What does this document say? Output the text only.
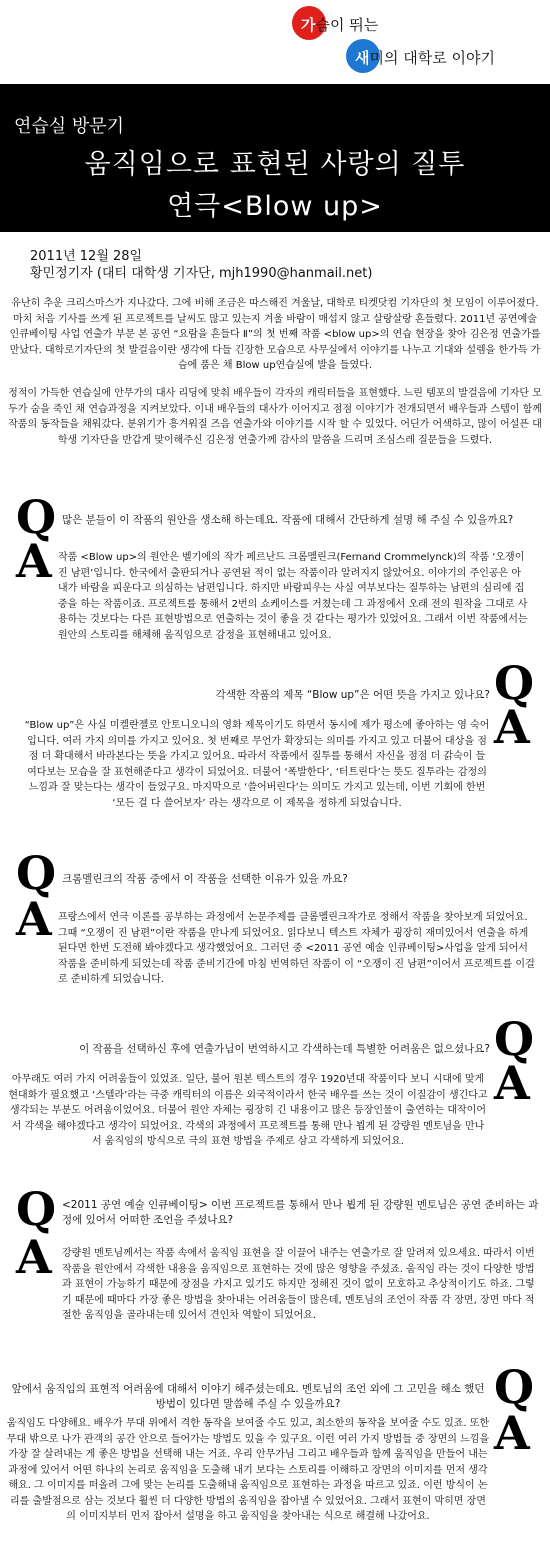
가슴이 뛰는
새미의 대학로 이야기
연습실 방문기
움직임으로 표현된 사랑의 질투
연극<Blow up>
2011년 12월 28일
황민정기자 (대티 대학생 기자단, mjh1990@hanmail.net)
유난히 추운 크리스마스가 지나갔다. 그에 비해 조금은 따스해진 겨울날, 대학로 티켓닷컴 기자단의 첫 모임이 이루어졌다. 마치 처음 기사를 쓰게 된 프로젝트를 날씨도 많고 있는지 겨울 바람이 매섭지 않고 살랑살랑 흔들렸다. 2011년 공연예술 인큐베이팅 사업 연출가 부문 본 공연 “요람을 흔들다 Ⅱ”의 첫 번째 작품 <blow up>의 연습 현장을 찾아 김은정 연출가를 만났다. 대학로기자단의 첫 발걸음이란 생각에 다들 긴장한 모습으로 사무실에서 이야기를 나누고 기대와 설렘을 한가득 가슴에 품은 채 Blow up연습실에 발을 들였다.
정적이 가득한 연습실에 안무가의 대사 리딩에 맞춰 배우들이 각자의 캐릭터들을 표현했다. 느린 템포의 발걸음에 기자단 모두가 숨을 죽인 채 연습과정을 지켜보았다. 이내 배우들의 대사가 이어지고 점점 이야기가 전개되면서 배우들과 스텝이 함께 작품의 동작들을 채워갔다. 분위기가 흥겨워질 즈음 연출가와 이야기를 시작 할 수 있었다. 어딘가 어색하고, 많이 어설픈 대학생 기자단을 반갑게 맞이해주신 김은정 연출가께 감사의 말씀을 드리며 조심스레 질문들을 드렸다.
Q 많은 분들이 이 작품의 원안을 생소해 하는데요. 작품에 대해서 간단하게 설명 해 주실 수 있을까요?
A 작품 <Blow up>의 원안은 벨기에의 작가 페르난드 크롬멜린크(Fernand Crommelynck)의 작품 ‘오쟁이 진 남편’입니다. 한국에서 출판되거나 공연된 적이 없는 작품이라 알려지지 않았어요. 이야기의 주인공은 아내가 바람을 피운다고 의심하는 남편입니다. 하지만 바람피우는 사실 여부보다는 질투하는 남편의 심리에 집중을 하는 작품이죠. 프로젝트를 통해서 2번의 쇼케이스를 거쳤는데 그 과정에서 오래 전의 원작을 그대로 사용하는 것보다는 다른 표현방법으로 연출하는 것이 좋을 것 같다는 평가가 있었어요. 그래서 이번 작품에서는 원안의 스토리를 해체해 움직임으로 감정을 표현해내고 있어요.
Q
각색한 작품의 제목 “Blow up”은 어떤 뜻을 가지고 있나요?
A
“Blow up”은 사실 미켈란젤로 안토니오니의 영화 제목이기도 하면서 동시에 제가 평소에 좋아하는 영 숙어 입니다. 여러 가지 의미를 가지고 있어요. 첫 번째로 무언가 확장되는 의미를 가지고 있고 더불어 대상을 점점 더 확대해서 바라본다는 뜻을 가지고 있어요. 따라서 작품에서 질투를 통해서 자신을 점점 더 갉숙이 들여다보는 모습을 잘 표현해준다고 생각이 되었어요. 더불어 ‘폭발한다’, ‘터트린다’는 뜻도 질투라는 감정의 느낌과 잘 맞는다는 생각이 들었구요. 마지막으로 ‘쓸어버린다’는 의미도 가지고 있는데, 이번 기회에 한번 ‘모든 걸 다 쓸어보자’ 라는 생각으로 이 제목을 정하게 되었습니다.
Q 크롬멜린크의 작품 중에서 이 작품을 선택한 이유가 있을 까요?
A 프랑스에서 연극 이론를 공부하는 과정에서 논문주제를 클롬멜린크작가로 정해서 작품을 찾아보게 되었어요. 그때 “오쟁이 진 남편”이란 작품을 만나게 되었어요. 읽다보니 텍스트 자체가 굉장히 재미있어서 연출을 하게 된다면 한번 도전해 봐야겠다고 생각했었어요. 그러던 중 <2011 공연 예술 인큐베이팅>사업을 알게 되어서 작품을 준비하게 되었는데 작품 준비기간에 마침 번역하던 작품이 이 “오쟁이 진 남편”이어서 프로젝트를 이걸로 준비하게 되었습니다.
Q
이 작품을 선택하신 후에 연출가님이 번역하시고 각색하는데 특별한 어려움은 없으셨나요?
A
아무래도 여러 가지 어려움들이 있었죠. 일단, 불어 원본 텍스트의 경우 1920년대 작품이다 보니 시대에 맞게 현대화가 필요했고 ‘스텔라’라는 극중 캐릭터의 이름은 외국적이라서 한국 배우를 쓰는 것이 이질감이 생긴다고 생각되는 부분도 어려움이었어요. 더불어 원안 자체는 굉장히 긴 내용이고 많은 등장인물이 출연하는 대작이어서 각색을 해야겠다고 생각이 되었어요. 각색의 과정에서 프로젝트를 통해 만나 뵙게 된 강량원 멘토님을 만나서 움직임의 방식으로 극의 표현 방법을 주제로 삼고 각색하게 되었어요.
Q <2011 공연 예술 인큐베이팅> 이번 프로젝트를 통해서 만나 뵙게 된 강량원 멘토님은 공연 준비하는 과정에 있어서 어떠한 조언을 주셨나요?
A 강량원 멘토님께서는 작품 속에서 움직임 표현을 잘 이끌어 내주는 연출가로 잘 알려져 있으세요. 따라서 이번 작품을 원안에서 각색한 내용을 움직임으로 표현하는 것에 많은 영향을 주셨죠. 움직임 라는 것이 다양한 방법과 표현이 가능하기 때문에 장점을 가지고 있기도 하지만 정해진 것이 없이 모호하고 추상적이기도 하죠. 그렇기 때문에 때마다 가장 좋은 방법을 찾아내는 어려움들이 많은데, 멘토님의 조언이 작품 각 장면, 장면 마다 적절한 움직임을 골라내는데 있어서 견인차 역할이 되었어요.
Q
앞에서 움직임의 표현적 어려움에 대해서 이야기 해주셨는데요. 멘토님의 조언 외에 그 고민을 해소 했던 방법이 있다면 말씀해 주실 수 있을까요?
A
움직임도 다양해요. 배우가 무대 위에서 격한 동작을 보여줄 수도 있고, 최소한의 동작을 보여줄 수도 있죠. 또한 무대 밖으로 나가 관객의 공간 안으로 들어가는 방법도 있을 수 있구요. 이런 여러 가지 방법들 중 장면의 느낌을 가장 잘 살려내는 게 좋은 방법을 선택해 내는 거죠. 우리 안무가님 그리고 배우들과 함께 움직임을 만들어 내는 과정에 있어서 어떤 하나의 논리로 움직임을 도출해 내기 보다는 스토리를 이해하고 장면의 이미지를 먼저 생각해요. 그 이미지를 떠올려 그에 맞는 논리를 도출해내 움직임으로 표현하는 과정을 따르고 있죠. 이런 방식이 논리를 출발점으로 삼는 것보다 훨씬 더 다양한 방법의 움직임을 잡아낼 수 있었어요. 그래서 표현이 막히면 장면의 이미지부터 먼저 잡아서 설명을 하고 움직임을 찾아내는 식으로 해결해 나갔어요.
